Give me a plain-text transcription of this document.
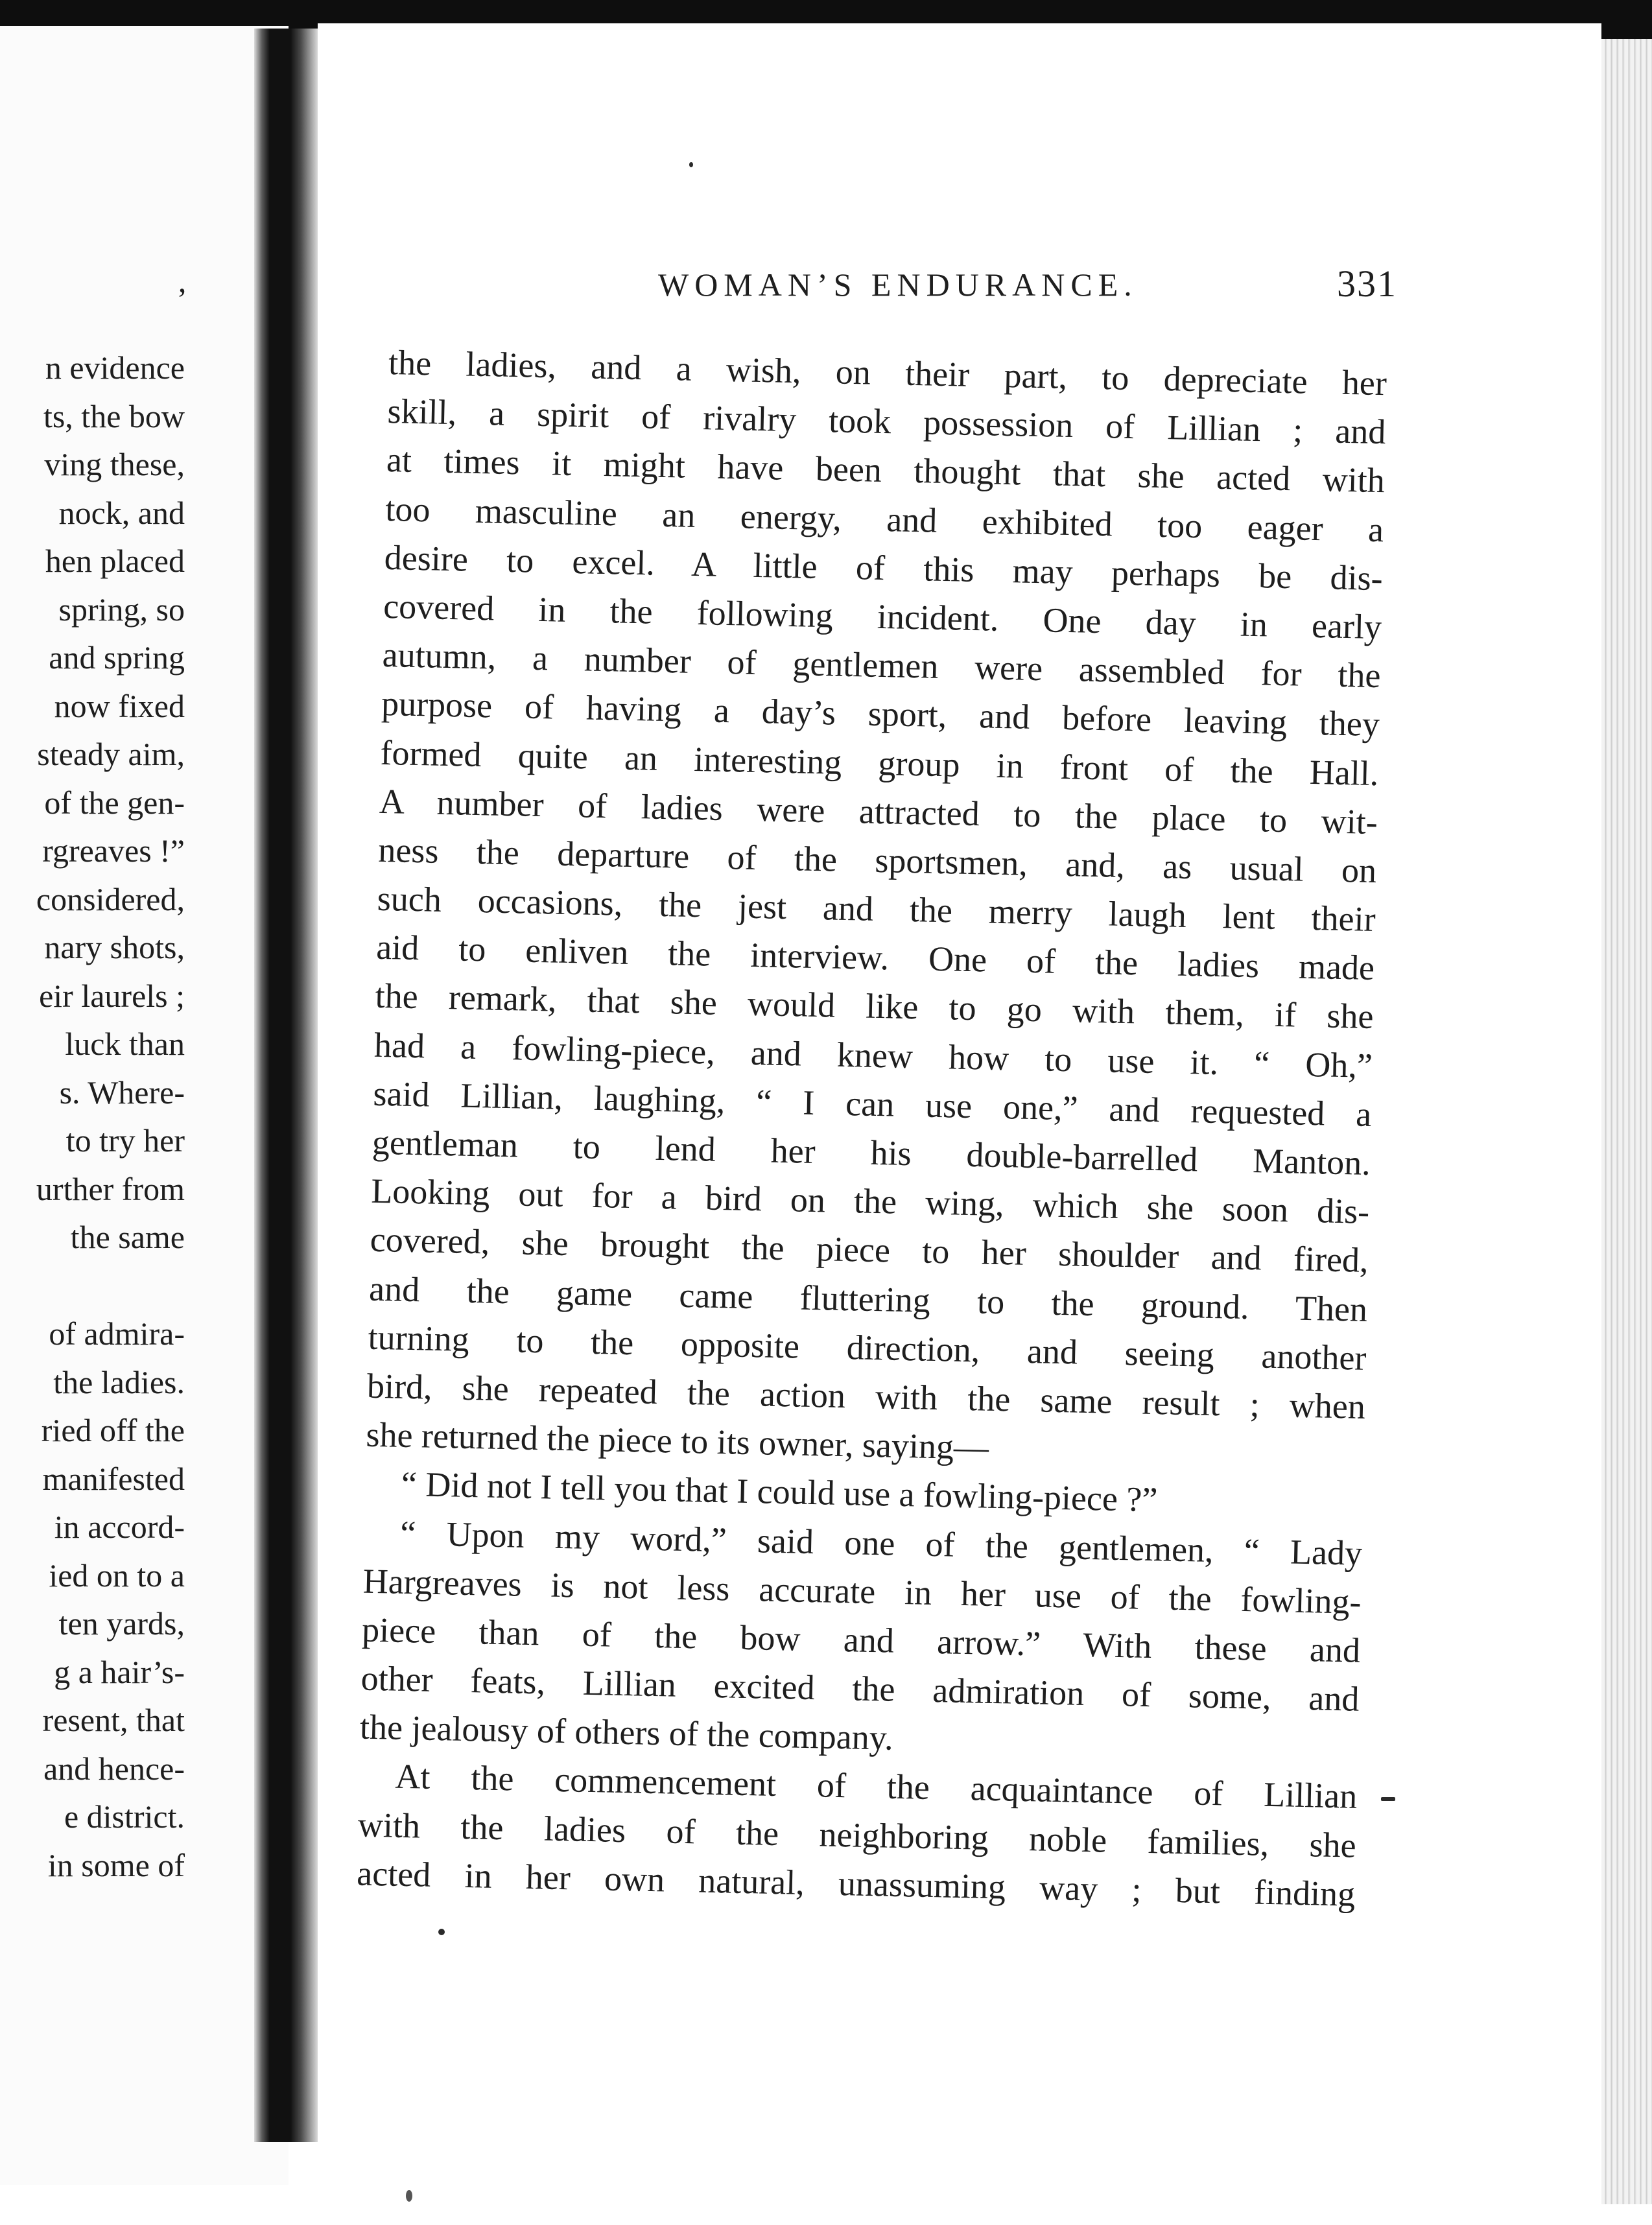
’
n evidence
ts, the bow
ving these,
nock, and
hen placed
spring, so
and spring
now fixed
steady aim,
of the gen-
rgreaves !”
considered,
nary shots,
eir laurels ;
luck than
s. Where-
to try her
urther from
the same
of admira-
the ladies.
ried off the
manifested
in accord-
ied on to a
ten yards,
g a hair’s-
resent, that
and hence-
e district.
in some of
WOMAN’S ENDURANCE.	331
the ladies, and a wish, on their part, to depreciate her
skill, a spirit of rivalry took possession of Lillian ; and
at times it might have been thought that she acted with
too masculine an energy, and exhibited too eager a
desire to excel. A little of this may perhaps be dis-
covered in the following incident. One day in early
autumn, a number of gentlemen were assembled for the
purpose of having a day’s sport, and before leaving they
formed quite an interesting group in front of the Hall.
A number of ladies were attracted to the place to wit-
ness the departure of the sportsmen, and, as usual on
such occasions, the jest and the merry laugh lent their
aid to enliven the interview. One of the ladies made
the remark, that she would like to go with them, if she
had a fowling-piece, and knew how to use it. “ Oh,”
said Lillian, laughing, “ I can use one,” and requested a
gentleman to lend her his double-barrelled Manton.
Looking out for a bird on the wing, which she soon dis-
covered, she brought the piece to her shoulder and fired,
and the game came fluttering to the ground. Then
turning to the opposite direction, and seeing another
bird, she repeated the action with the same result ; when
she returned the piece to its owner, saying—
“ Did not I tell you that I could use a fowling-piece ?”
“ Upon my word,” said one of the gentlemen, “ Lady
Hargreaves is not less accurate in her use of the fowling-
piece than of the bow and arrow.” With these and
other feats, Lillian excited the admiration of some, and
the jealousy of others of the company.
At the commencement of the acquaintance of Lillian
with the ladies of the neighboring noble families, she
acted in her own natural, unassuming way ; but finding
